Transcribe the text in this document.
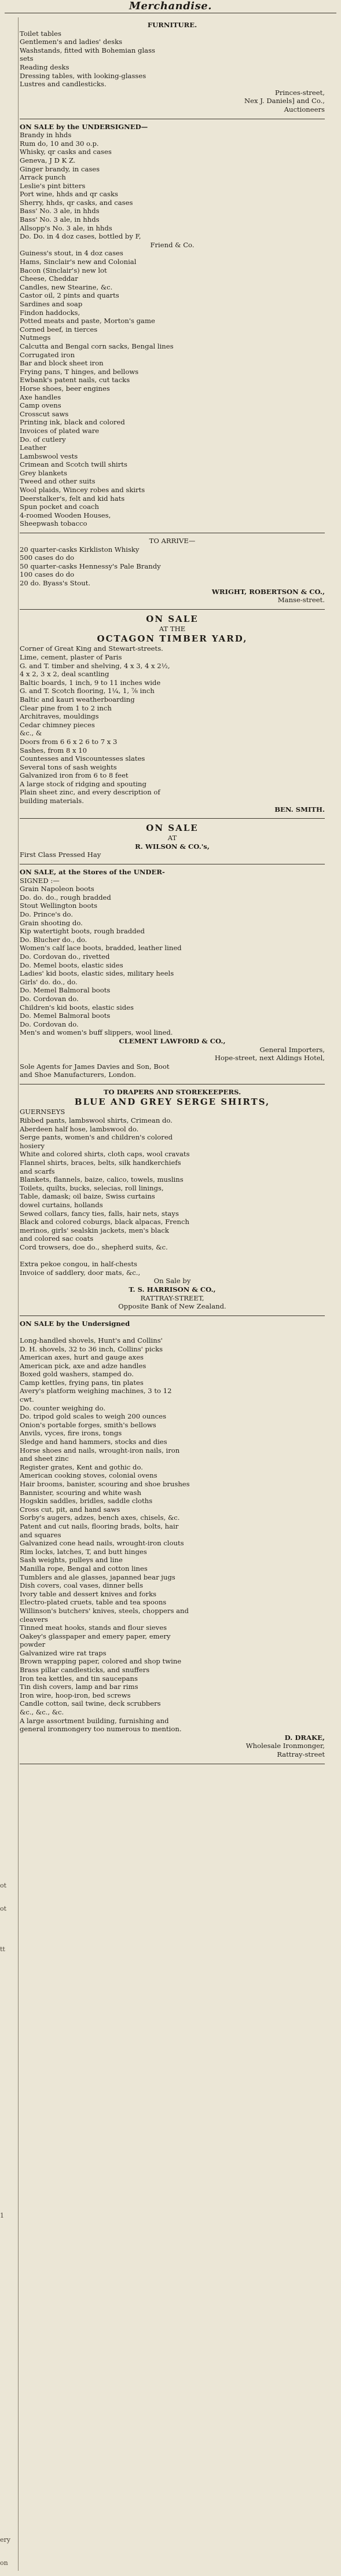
Merchandise.
FURNITURE.
Toilet tables
Gentlemen's and ladies' desks
Washstands, fitted with Bohemian glass
sets
Reading desks
Dressing tables, with looking-glasses
Lustres and candlesticks.
Princes-street,
Nex J. Daniels] and Co.,
Auctioneers
ON SALE by the UNDERSIGNED—
Brandy in hhds
Rum do, 10 and 30 o.p.
Whisky, qr casks and cases
Geneva, J D K Z.
Ginger brandy, in cases
Arrack punch
Leslie's pint bitters
Port wine, hhds and qr casks
Sherry, hhds, qr casks, and cases
Bass' No. 3 ale, in hhds
Bass' No. 3 ale, in hhds
Allsopp's No. 3 ale, in hhds
Do. Do. in 4 doz cases, bottled by F,
Friend & Co.
Guiness's stout, in 4 doz cases
Hams, Sinclair's new and Colonial
Bacon (Sinclair's) new lot
Cheese, Cheddar
Candles, new Stearine, &c.
Castor oil, 2 pints and quarts
Sardines and soap
Findon haddocks,
Potted meats and paste, Morton's game
Corned beef, in tierces
Nutmegs
Calcutta and Bengal corn sacks, Bengal lines
Corrugated iron
Bar and block sheet iron
Frying pans, T hinges, and bellows
Ewbank's patent nails, cut tacks
Horse shoes, beer engines
Axe handles
Camp ovens
Crosscut saws
Printing ink, black and colored
Invoices of plated ware
Do. of cutlery
Leather
Lambswool vests
Crimean and Scotch twill shirts
Grey blankets
Tweed and other suits
Wool plaids, Wincey robes and skirts
Deerstalker's, felt and kid hats
Spun pocket and coach
4-roomed Wooden Houses,
Sheepwash tobacco
TO ARRIVE—
20 quarter-casks Kirkliston Whisky
500 cases do do
50 quarter-casks Hennessy's Pale Brandy
100 cases do do
20 do. Byass's Stout.
WRIGHT, ROBERTSON & CO.,
Manse-street.
ON SALE
AT THE
OCTAGON TIMBER YARD,
Corner of Great King and Stewart-streets.
Lime, cement, plaster of Paris
G. and T. timber and shelving, 4 x 3, 4 x 2½,
4 x 2, 3 x 2, deal scantling
Baltic boards, 1 inch, 9 to 11 inches wide
G. and T. Scotch flooring, 1¼, 1, ⅞ inch
Baltic and kauri weatherboarding
Clear pine from 1 to 2 inch
Architraves, mouldings
Cedar chimney pieces
&c., &
Doors from 6 6 x 2 6 to 7 x 3
Sashes, from 8 x 10
Countesses and Viscountesses slates
Several tons of sash weights
Galvanized iron from 6 to 8 feet
A large stock of ridging and spouting
Plain sheet zinc, and every description of
building materials.
BEN. SMITH.
ON SALE
AT
R. WILSON & CO.'s,
First Class Pressed Hay
ON SALE, at the Stores of the UNDER-
SIGNED :—
Grain Napoleon boots
Do. do. do., rough bradded
Stout Wellington boots
Do. Prince's do.
Grain shooting do.
Kip watertight boots, rough bradded
Do. Blucher do., do.
Women's calf lace boots, bradded, leather lined
Do. Cordovan do., rivetted
Do. Memel boots, elastic sides
Ladies' kid boots, elastic sides, military heels
Girls' do. do., do.
Do. Memel Balmoral boots
Do. Cordovan do.
Children's kid boots, elastic sides
Do. Memel Balmoral boots
Do. Cordovan do.
Men's and women's buff slippers, wool lined.
CLEMENT LAWFORD & CO.,
General Importers,
Hope-street, next Aldings Hotel,
Sole Agents for James Davies and Son, Boot
and Shoe Manufacturers, London.
TO DRAPERS AND STOREKEEPERS.
BLUE AND GREY SERGE SHIRTS,
GUERNSEYS
Ribbed pants, lambswool shirts, Crimean do.
Aberdeen half hose, lambswool do.
Serge pants, women's and children's colored
hosiery
White and colored shirts, cloth caps, wool cravats
Flannel shirts, braces, belts, silk handkerchiefs
and scarfs
Blankets, flannels, baize, calico, towels, muslins
Toilets, quilts, bucks, selecias, roll linings,
Table, damask; oil baize, Swiss curtains
dowel curtains, hollands
Sewed collars, fancy ties, falls, hair nets, stays
Black and colored coburgs, black alpacas, French
merinos, girls' sealskin jackets, men's black
and colored sac coats
Cord trowsers, doe do., shepherd suits, &c.

Extra pekoe congou, in half-chests
Invoice of saddlery, door mats, &c.,
On Sale by
T. S. HARRISON & CO.,
RATTRAY-STREET,
Opposite Bank of New Zealand.
ON SALE by the Undersigned

Long-handled shovels, Hunt's and Collins'
D. H. shovels, 32 to 36 inch, Collins' picks
American axes, hurt and gauge axes
American pick, axe and adze handles
Boxed gold washers, stamped do.
Camp kettles, frying pans, tin plates
Avery's platform weighing machines, 3 to 12
cwt.
Do. counter weighing do.
Do. tripod gold scales to weigh 200 ounces
Onion's portable forges, smith's bellows
Anvils, vyces, fire irons, tongs
Sledge and hand hammers, stocks and dies
Horse shoes and nails, wrought-iron nails, iron
and sheet zinc
Register grates, Kent and gothic do.
American cooking stoves, colonial ovens
Hair brooms, banister, scouring and shoe brushes
Bannister, scouring and white wash
Hogskin saddles, bridles, saddle cloths
Cross cut, pit, and hand saws
Sorby's augers, adzes, bench axes, chisels, &c.
Patent and cut nails, flooring brads, bolts, hair
and squares
Galvanized cone head nails, wrought-iron clouts
Rim locks, latches, T, and butt hinges
Sash weights, pulleys and line
Manilla rope, Bengal and cotton lines
Tumblers and ale glasses, japanned bear jugs
Dish covers, coal vases, dinner bells
Ivory table and dessert knives and forks
Electro-plated cruets, table and tea spoons
Willinson's butchers' knives, steels, choppers and
cleavers
Tinned meat hooks, stands and flour sieves
Oakey's glasspaper and emery paper, emery
powder
Galvanized wire rat traps
Brown wrapping paper, colored and shop twine
Brass pillar candlesticks, and snuffers
Iron tea kettles, and tin saucepans
Tin dish covers, lamp and bar rims
Iron wire, hoop-iron, bed screws
Candle cotton, sail twine, deck scrubbers
&c., &c., &c.
A large assortment building, furnishing and
general ironmongery too numerous to mention.
D. DRAKE,
Wholesale Ironmonger,
Rattray-street
ot
ot
tt
1
ery
on
